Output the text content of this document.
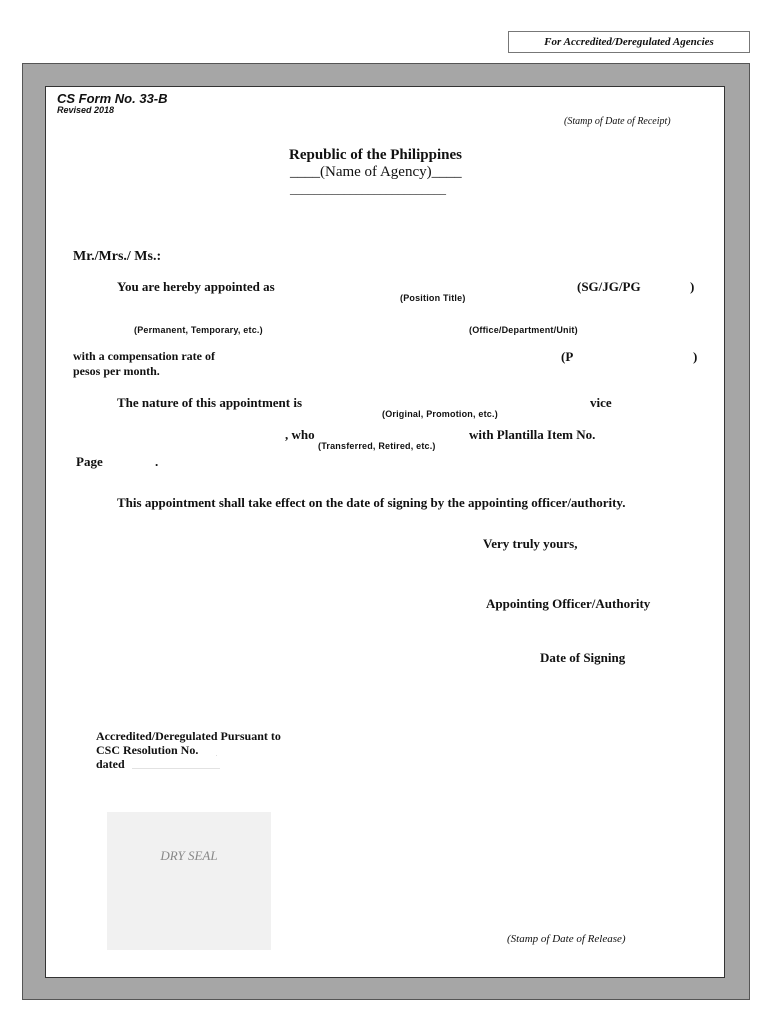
For Accredited/Deregulated Agencies
CS Form No. 33-B
Revised 2018
(Stamp of Date of Receipt)
Republic of the Philippines
____(Name of Agency)____
__________________________
Mr./Mrs./ Ms.:
You are hereby appointed as	(SG/JG/PG	)
(Position Title)
(Permanent, Temporary, etc.)	(Office/Department/Unit)
with a compensation rate of	(P	)
pesos per month.
The nature of this appointment is	vice
(Original, Promotion, etc.)
, who	with Plantilla Item No.
(Transferred, Retired, etc.)
Page	.
This appointment shall take effect on the date of signing by the appointing officer/authority.
Very truly yours,
Appointing Officer/Authority
Date of Signing
Accredited/Deregulated Pursuant to
CSC Resolution No.
dated
DRY SEAL
(Stamp of Date of Release)
